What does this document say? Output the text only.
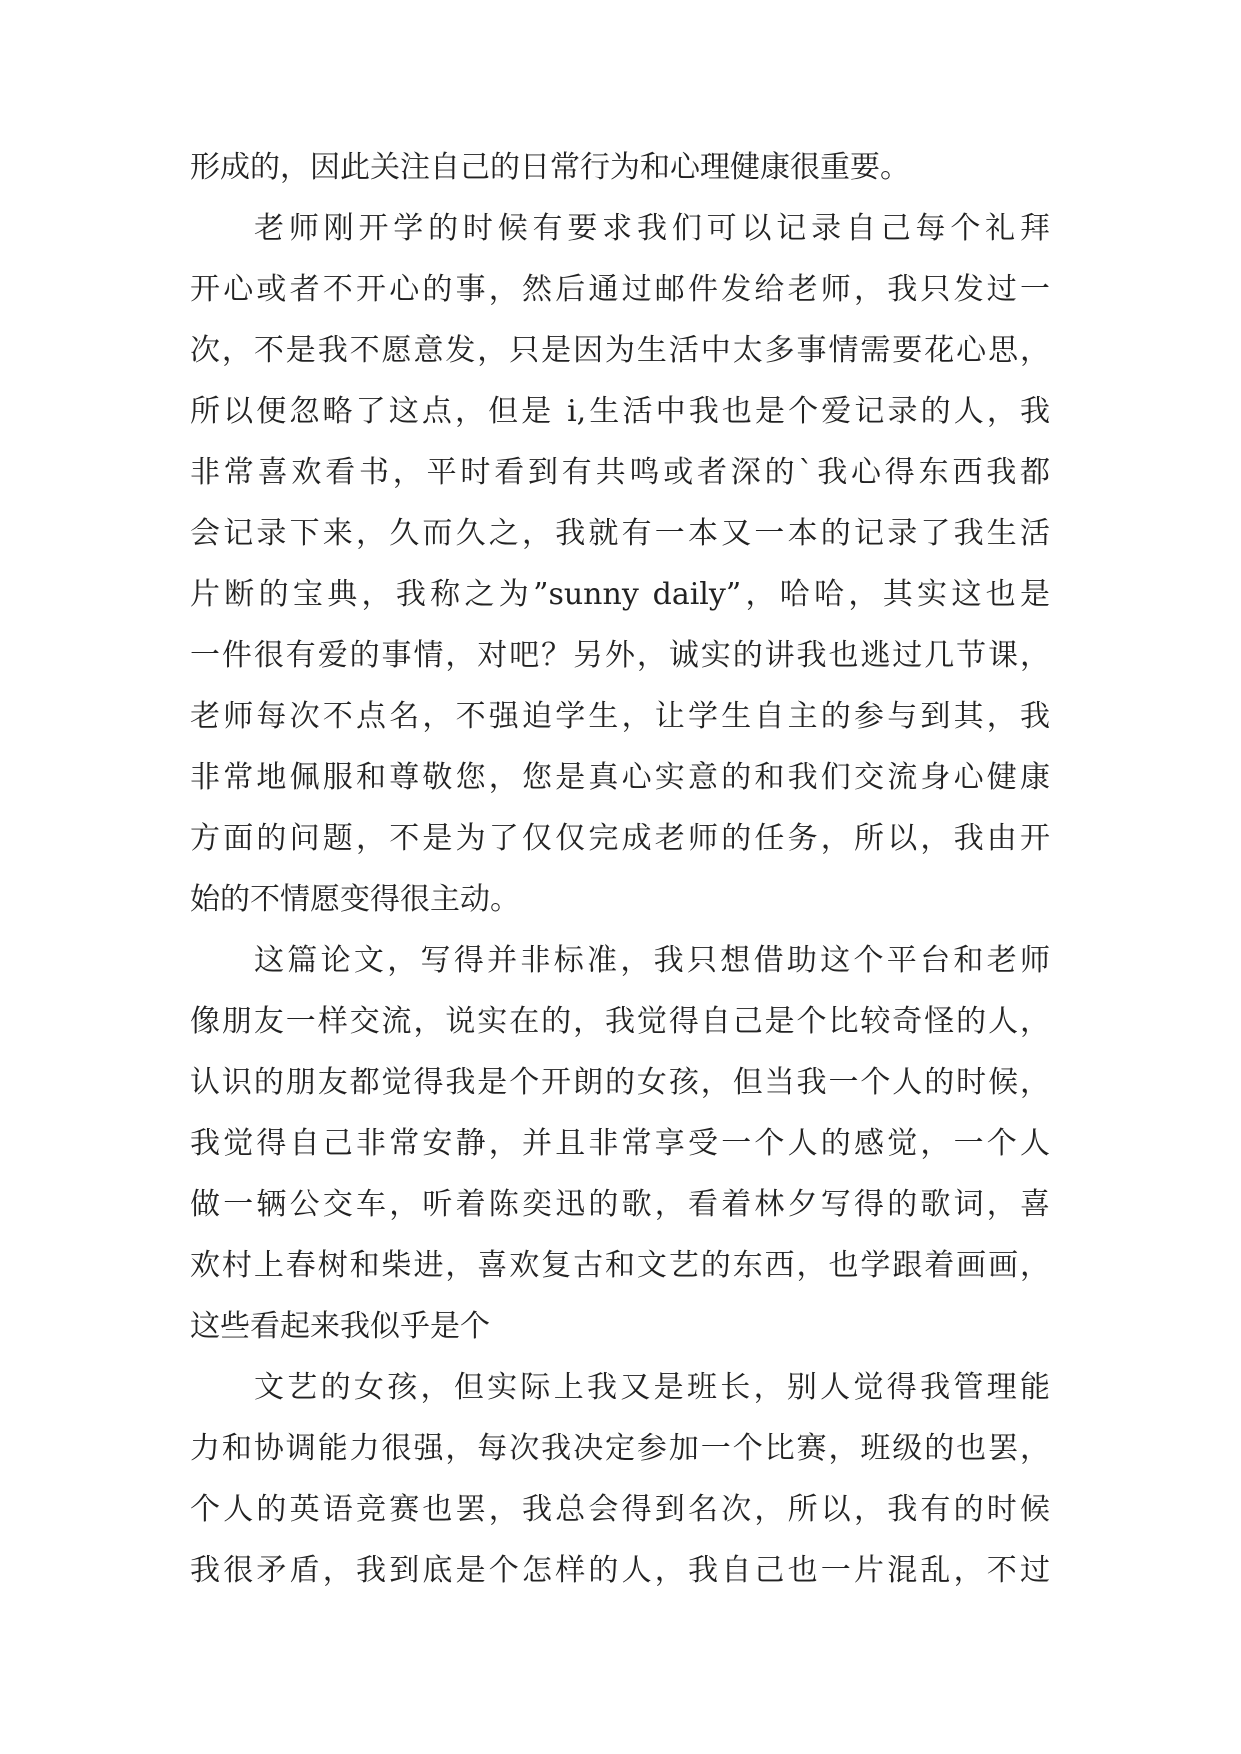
形成的，因此关注自己的日常行为和心理健康很重要。
老师刚开学的时候有要求我们可以记录自己每个礼拜
开心或者不开心的事，然后通过邮件发给老师，我只发过一
次，不是我不愿意发，只是因为生活中太多事情需要花心思，
所以便忽略了这点，但是 i,生活中我也是个爱记录的人，我
非常喜欢看书，平时看到有共鸣或者深的`我心得东西我都
会记录下来，久而久之，我就有一本又一本的记录了我生活
片断的宝典，我称之为”sunny daily”，哈哈，其实这也是
一件很有爱的事情，对吧？另外，诚实的讲我也逃过几节课，
老师每次不点名，不强迫学生，让学生自主的参与到其，我
非常地佩服和尊敬您，您是真心实意的和我们交流身心健康
方面的问题，不是为了仅仅完成老师的任务，所以，我由开
始的不情愿变得很主动。
这篇论文，写得并非标准，我只想借助这个平台和老师
像朋友一样交流，说实在的，我觉得自己是个比较奇怪的人，
认识的朋友都觉得我是个开朗的女孩，但当我一个人的时候，
我觉得自己非常安静，并且非常享受一个人的感觉，一个人
做一辆公交车，听着陈奕迅的歌，看着林夕写得的歌词，喜
欢村上春树和柴进，喜欢复古和文艺的东西，也学跟着画画，
这些看起来我似乎是个
文艺的女孩，但实际上我又是班长，别人觉得我管理能
力和协调能力很强，每次我决定参加一个比赛，班级的也罢，
个人的英语竞赛也罢，我总会得到名次，所以，我有的时候
我很矛盾，我到底是个怎样的人，我自己也一片混乱，不过
